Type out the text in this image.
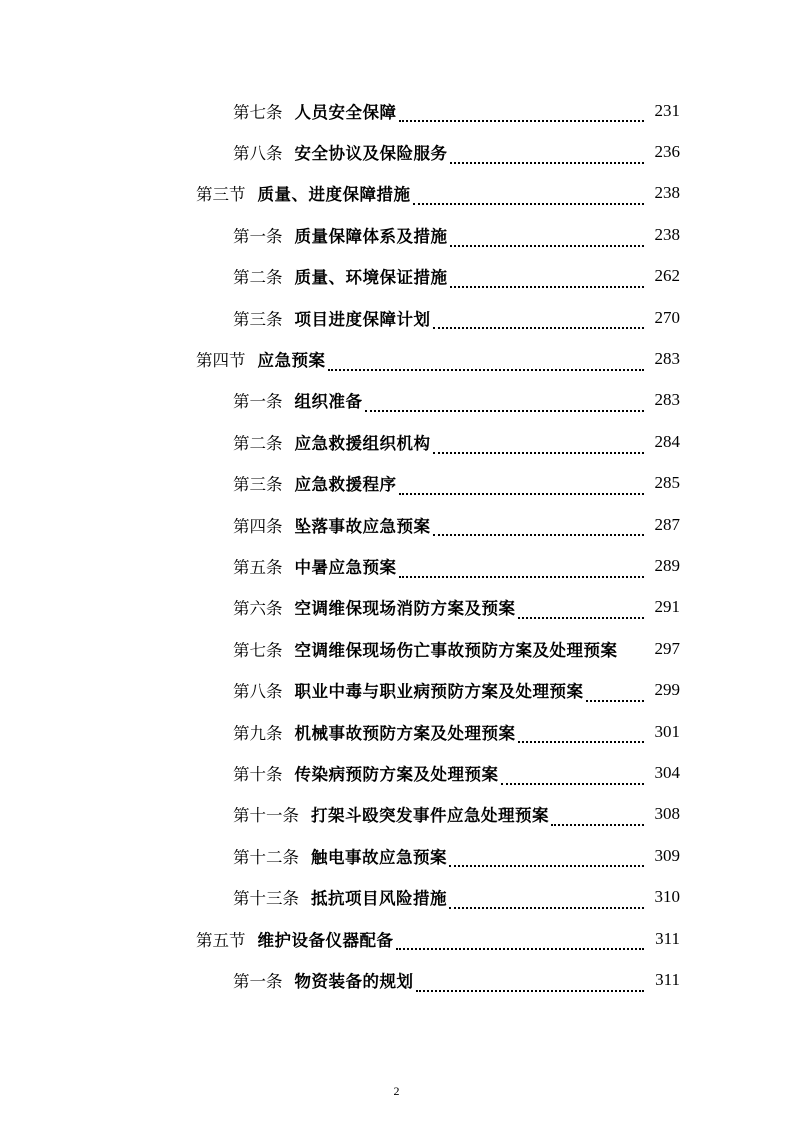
第七条 人员安全保障	231
第八条 安全协议及保险服务	236
第三节 质量、进度保障措施	238
第一条 质量保障体系及措施	238
第二条 质量、环境保证措施	262
第三条 项目进度保障计划	270
第四节 应急预案	283
第一条 组织准备	283
第二条 应急救援组织机构	284
第三条 应急救援程序	285
第四条 坠落事故应急预案	287
第五条 中暑应急预案	289
第六条 空调维保现场消防方案及预案	291
第七条 空调维保现场伤亡事故预防方案及处理预案	297
第八条 职业中毒与职业病预防方案及处理预案	299
第九条 机械事故预防方案及处理预案	301
第十条 传染病预防方案及处理预案	304
第十一条 打架斗殴突发事件应急处理预案	308
第十二条 触电事故应急预案	309
第十三条 抵抗项目风险措施	310
第五节 维护设备仪器配备	311
第一条 物资装备的规划	311
2
